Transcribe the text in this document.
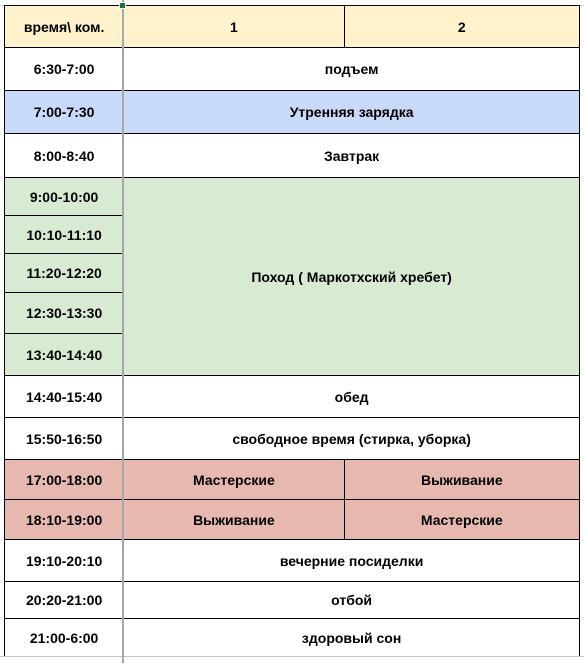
время\ ком.	1	2
6:30-7:00	подъем	
7:00-7:30	Утренняя зарядка	
8:00-8:40	Завтрак	
9:00-10:00	Поход ( Маркотхский хребет)	
10:10-11:10		
11:20-12:20		
12:30-13:30		
13:40-14:40		
14:40-15:40	обед	
15:50-16:50	свободное время (стирка, уборка)	
17:00-18:00	Мастерские	Выживание
18:10-19:00	Выживание	Мастерские
19:10-20:10	вечерние посиделки	
20:20-21:00	отбой	
21:00-6:00	здоровый сон	
